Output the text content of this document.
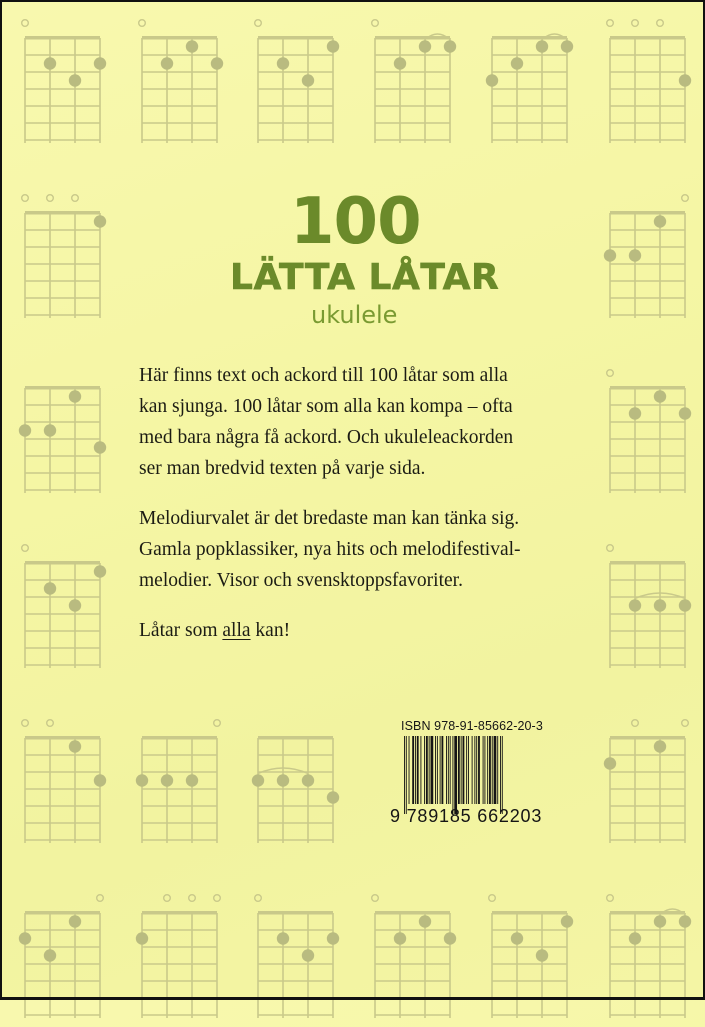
100
LÄTTA LÅTAR
ukulele

Här finns text och ackord till 100 låtar som alla
kan sjunga. 100 låtar som alla kan kompa – ofta
med bara några få ackord. Och ukuleleackorden
ser man bredvid texten på varje sida.

Melodiurvalet är det bredaste man kan tänka sig.
Gamla popklassiker, nya hits och melodifestival-
melodier. Visor och svensktoppsfavoriter.

Låtar som alla kan!

ISBN 978-91-85662-20-3
9 789185 662203
